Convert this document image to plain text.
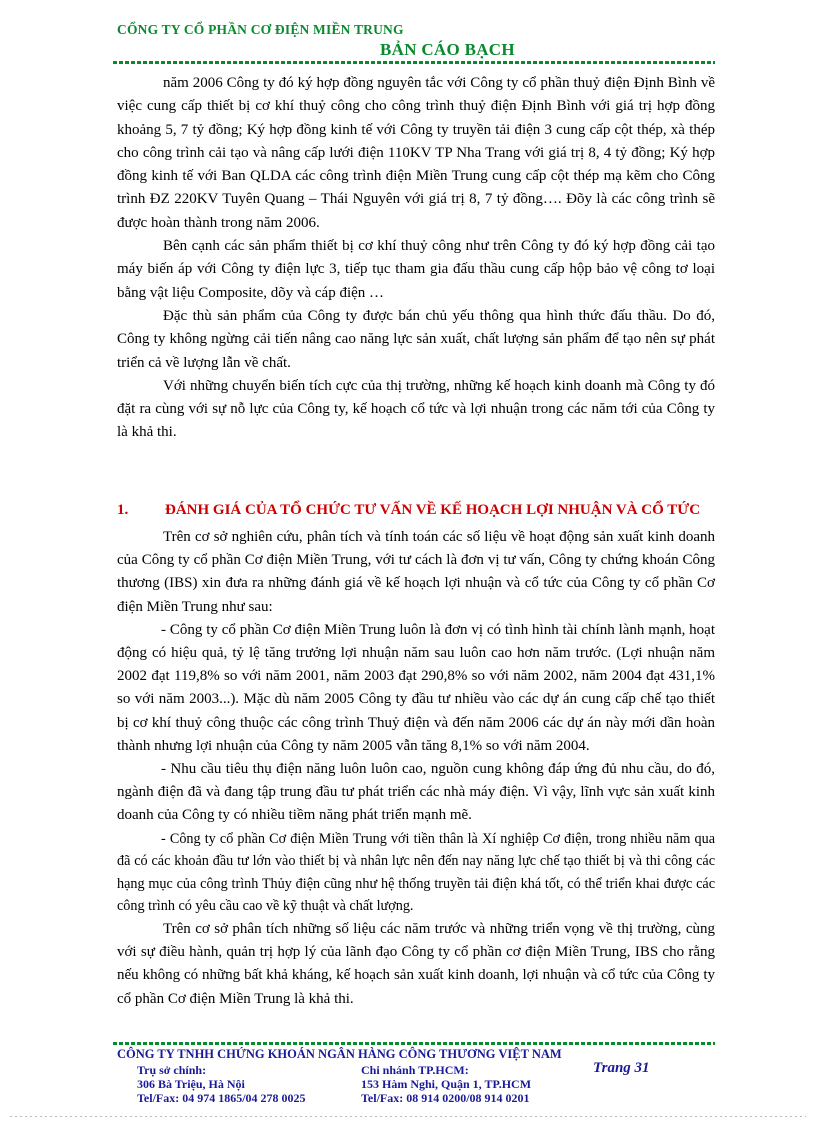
CỔNG TY CỔ PHẦN CƠ ĐIỆN MIỀN TRUNG
BẢN CÁO BẠCH

năm 2006 Công ty đó ký hợp đồng nguyên tắc với Công ty cổ phần thuỷ điện Định Bình về việc cung cấp thiết bị cơ khí thuỷ công cho công trình thuỷ điện Định Bình với giá trị hợp đồng khoảng 5, 7 tỷ đồng; Ký hợp đồng kinh tế với Công ty truyền tải điện 3 cung cấp cột thép, xà thép cho công trình cải tạo và nâng cấp lưới điện 110KV TP Nha Trang với giá trị 8, 4 tỷ đồng; Ký hợp đồng kinh tế với Ban QLDA các công trình điện Miền Trung cung cấp cột thép mạ kẽm cho Công trình ĐZ 220KV Tuyên Quang – Thái Nguyên với giá trị 8, 7 tỷ đồng…. Đõy là các công trình sẽ được hoàn thành trong năm 2006.

Bên cạnh các sản phẩm thiết bị cơ khí thuỷ công như trên Công ty đó ký hợp đồng cải tạo máy biến áp với Công ty điện lực 3, tiếp tục tham gia đấu thầu cung cấp hộp bảo vệ công tơ loại bằng vật liệu Composite, dõy và cáp điện …

Đặc thù sản phẩm của Công ty được bán chủ yếu thông qua hình thức đấu thầu. Do đó, Công ty không ngừng cải tiến nâng cao năng lực sản xuất, chất lượng sản phẩm để tạo nên sự phát triển cả về lượng lẫn về chất.

Với những chuyển biến tích cực của thị trường, những kế hoạch kinh doanh mà Công ty đó đặt ra cùng với sự nỗ lực của Công ty, kế hoạch cổ tức và lợi nhuận trong các năm tới của Công ty là khả thi.

1. ĐÁNH GIÁ CỦA TỔ CHỨC TƯ VẤN VỀ KẾ HOẠCH LỢI NHUẬN VÀ CỔ TỨC

Trên cơ sở nghiên cứu, phân tích và tính toán các số liệu về hoạt động sản xuất kinh doanh của Công ty cổ phần Cơ điện Miền Trung, với tư cách là đơn vị tư vấn, Công ty chứng khoán Công thương (IBS) xin đưa ra những đánh giá về kế hoạch lợi nhuận và cổ tức của Công ty cổ phần Cơ điện Miền Trung như sau:

- Công ty cổ phần Cơ điện Miền Trung luôn là đơn vị có tình hình tài chính lành mạnh, hoạt động có hiệu quả, tỷ lệ tăng trưởng lợi nhuận năm sau luôn cao hơn năm trước. (Lợi nhuận năm 2002 đạt 119,8% so với năm 2001, năm 2003 đạt 290,8% so với năm 2002, năm 2004 đạt 431,1% so với năm 2003...). Mặc dù năm 2005 Công ty đầu tư nhiều vào các dự án cung cấp chế tạo thiết bị cơ khí thuỷ công thuộc các công trình Thuỷ điện và đến năm 2006 các dự án này mới dần hoàn thành nhưng lợi nhuận của Công ty năm 2005 vẫn tăng 8,1% so với năm 2004.

- Nhu cầu tiêu thụ điện năng luôn luôn cao, nguồn cung không đáp ứng đủ nhu cầu, do đó, ngành điện đã và đang tập trung đầu tư phát triển các nhà máy điện. Vì vậy, lĩnh vực sản xuất kinh doanh của Công ty có nhiều tiềm năng phát triển mạnh mẽ.

- Công ty cổ phần Cơ điện Miền Trung với tiền thân là Xí nghiệp Cơ điện, trong nhiều năm qua đã có các khoản đầu tư lớn vào thiết bị và nhân lực nên đến nay năng lực chế tạo thiết bị và thi công các hạng mục của công trình Thủy điện cũng như hệ thống truyền tải điện khá tốt, có thể triển khai được các công trình có yêu cầu cao về kỹ thuật và chất lượng.

Trên cơ sở phân tích những số liệu các năm trước và những triển vọng về thị trường, cùng với sự điều hành, quản trị hợp lý của lãnh đạo Công ty cổ phần cơ điện Miền Trung, IBS cho rằng nếu không có những bất khả kháng, kế hoạch sản xuất kinh doanh, lợi nhuận và cổ tức của Công ty cổ phần Cơ điện Miền Trung là khả thi.

CÔNG TY TNHH CHỨNG KHOÁN NGÂN HÀNG CÔNG THƯƠNG VIỆT NAM
Trụ sở chính:
306 Bà Triệu, Hà Nội
Tel/Fax: 04 974 1865/04 278 0025
Chi nhánh TP.HCM:
153 Hàm Nghi, Quận 1, TP.HCM
Tel/Fax: 08 914 0200/08 914 0201
Trang 31
